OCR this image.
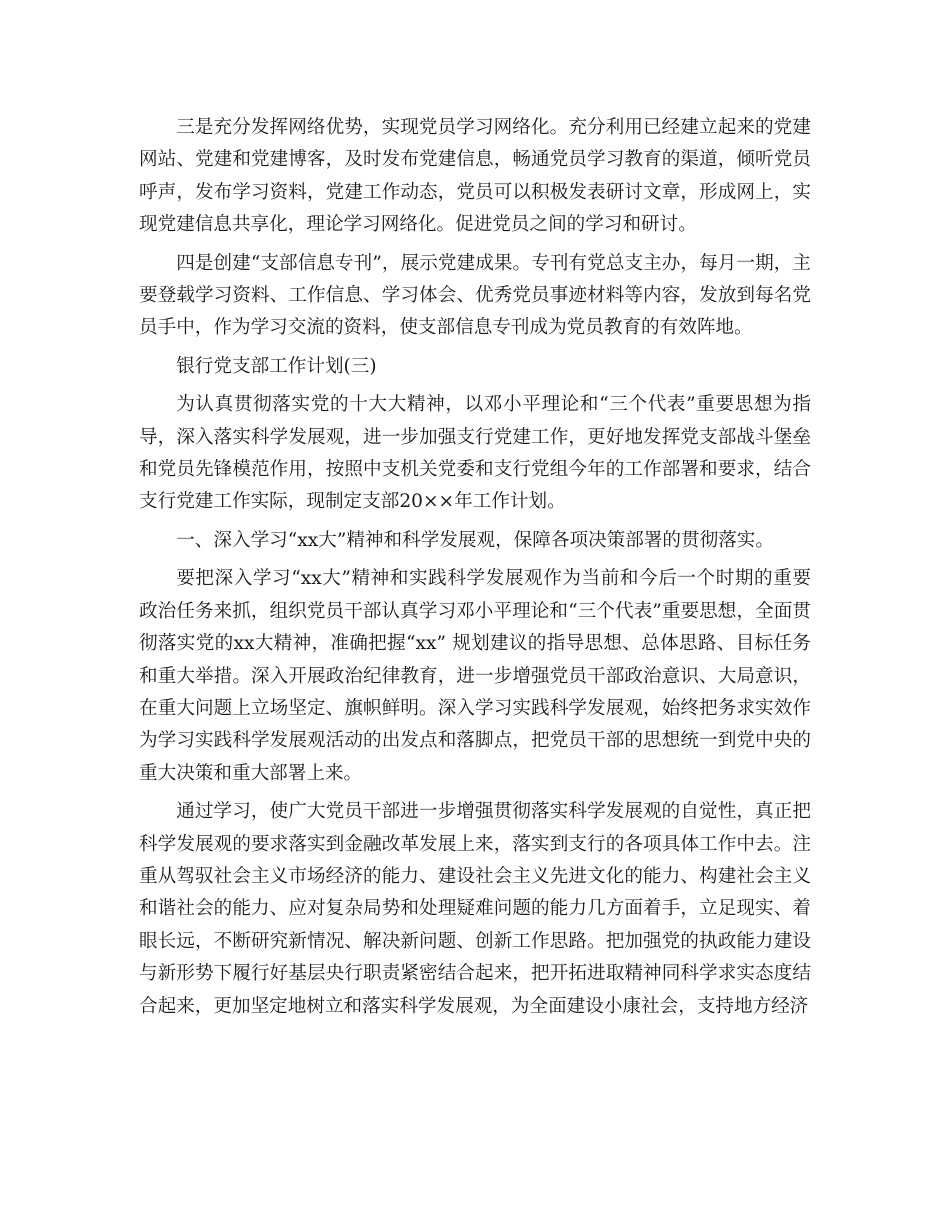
三是充分发挥网络优势，实现党员学习网络化。充分利用已经建立起来的党建网站、党建和党建博客，及时发布党建信息，畅通党员学习教育的渠道，倾听党员呼声，发布学习资料，党建工作动态，党员可以积极发表研讨文章，形成网上，实现党建信息共享化，理论学习网络化。促进党员之间的学习和研讨。

四是创建“支部信息专刊”，展示党建成果。专刊有党总支主办，每月一期，主要登载学习资料、工作信息、学习体会、优秀党员事迹材料等内容，发放到每名党员手中，作为学习交流的资料，使支部信息专刊成为党员教育的有效阵地。

银行党支部工作计划(三)

为认真贯彻落实党的十大大精神，以邓小平理论和“三个代表”重要思想为指导，深入落实科学发展观，进一步加强支行党建工作，更好地发挥党支部战斗堡垒和党员先锋模范作用，按照中支机关党委和支行党组今年的工作部署和要求，结合支行党建工作实际，现制定支部20××年工作计划。

一、深入学习“xx大”精神和科学发展观，保障各项决策部署的贯彻落实。

要把深入学习“xx大”精神和实践科学发展观作为当前和今后一个时期的重要政治任务来抓，组织党员干部认真学习邓小平理论和“三个代表”重要思想，全面贯彻落实党的xx大精神，准确把握“xx” 规划建议的指导思想、总体思路、目标任务和重大举措。深入开展政治纪律教育，进一步增强党员干部政治意识、大局意识，在重大问题上立场坚定、旗帜鲜明。深入学习实践科学发展观，始终把务求实效作为学习实践科学发展观活动的出发点和落脚点，把党员干部的思想统一到党中央的重大决策和重大部署上来。

通过学习，使广大党员干部进一步增强贯彻落实科学发展观的自觉性，真正把科学发展观的要求落实到金融改革发展上来，落实到支行的各项具体工作中去。注重从驾驭社会主义市场经济的能力、建设社会主义先进文化的能力、构建社会主义和谐社会的能力、应对复杂局势和处理疑难问题的能力几方面着手，立足现实、着眼长远，不断研究新情况、解决新问题、创新工作思路。把加强党的执政能力建设与新形势下履行好基层央行职责紧密结合起来，把开拓进取精神同科学求实态度结合起来，更加坚定地树立和落实科学发展观，为全面建设小康社会，支持地方经济
